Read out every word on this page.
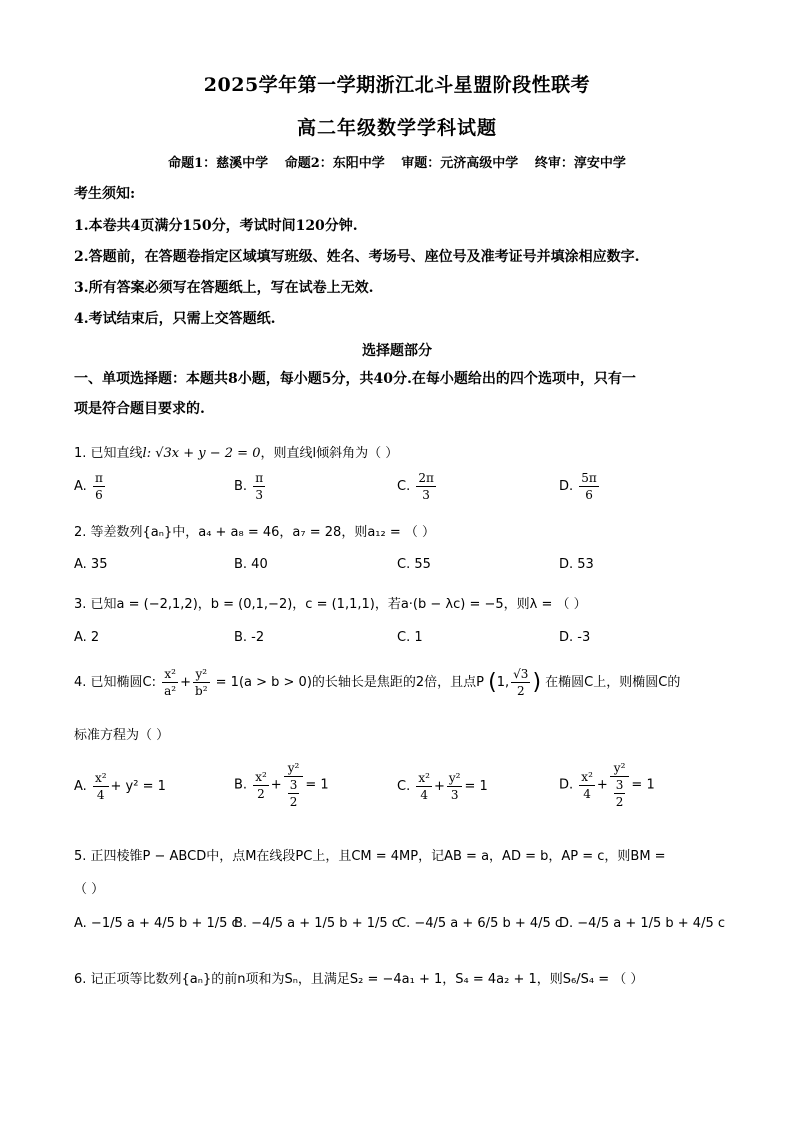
2025学年第一学期浙江北斗星盟阶段性联考
高二年级数学学科试题
命题1：慈溪中学 命题2：东阳中学 审题：元济高级中学 终审：淳安中学
考生须知:
1.本卷共4页满分150分，考试时间120分钟.
2.答题前，在答题卷指定区域填写班级、姓名、考场号、座位号及准考证号并填涂相应数字.
3.所有答案必须写在答题纸上，写在试卷上无效.
4.考试结束后，只需上交答题纸.
选择题部分
一、单项选择题：本题共8小题，每小题5分，共40分.在每小题给出的四个选项中，只有一
项是符合题目要求的.
1. 已知直线l: √3x + y − 2 = 0，则直线l倾斜角为（ ）
A. $\frac{\pi}{6}$	B. $\frac{\pi}{3}$	C. $\frac{2\pi}{3}$	D. $\frac{5\pi}{6}$
2. 等差数列{aₙ}中，a₄ + a₈ = 46，a₇ = 28，则a₁₂ = （ ）
A. 35	B. 40	C. 55	D. 53
3. 已知a = (−2,1,2)，b = (0,1,−2)，c = (1,1,1)，若a·(b − λc) = −5，则λ = （ ）
A. 2	B. -2	C. 1	D. -3
4. 已知椭圆C: $\frac{\text{x²}}{\text{a²}} + \frac{\text{y²}}{\text{b²}} = 1(a > b > 0)$的长轴长是焦距的2倍，且点P (1, $\frac{√3}{2}$ ) 在椭圆C上，则椭圆C的
标准方程为（ ）
A. $\frac{\text{x²}}{4} + y^2 = 1$	B. $\frac{\text{x²}}{2} + \frac{\text{y²}}{\frac{3}{2}} = 1$	C. $\frac{\text{x²}}{4} + \frac{\text{y²}}{3} = 1$	D. $\frac{\text{x²}}{4} + \frac{\text{y²}}{\frac{3}{2}} = 1$
5. 正四棱锥P − ABCD中，点M在线段PC上，且CM = 4MP，记AB = a，AD = b，AP = c，则BM =
（ ）
A. −1/5 a + 4/5 b + 1/5 c
B. −4/5 a + 1/5 b + 1/5 c
C. −4/5 a + 6/5 b + 4/5 c
D. −4/5 a + 1/5 b + 4/5 c
6. 记正项等比数列{aₙ}的前n项和为Sₙ，且满足S₂ = −4a₁ + 1，S₄ = 4a₂ + 1，则S₆/S₄ = （ ）
